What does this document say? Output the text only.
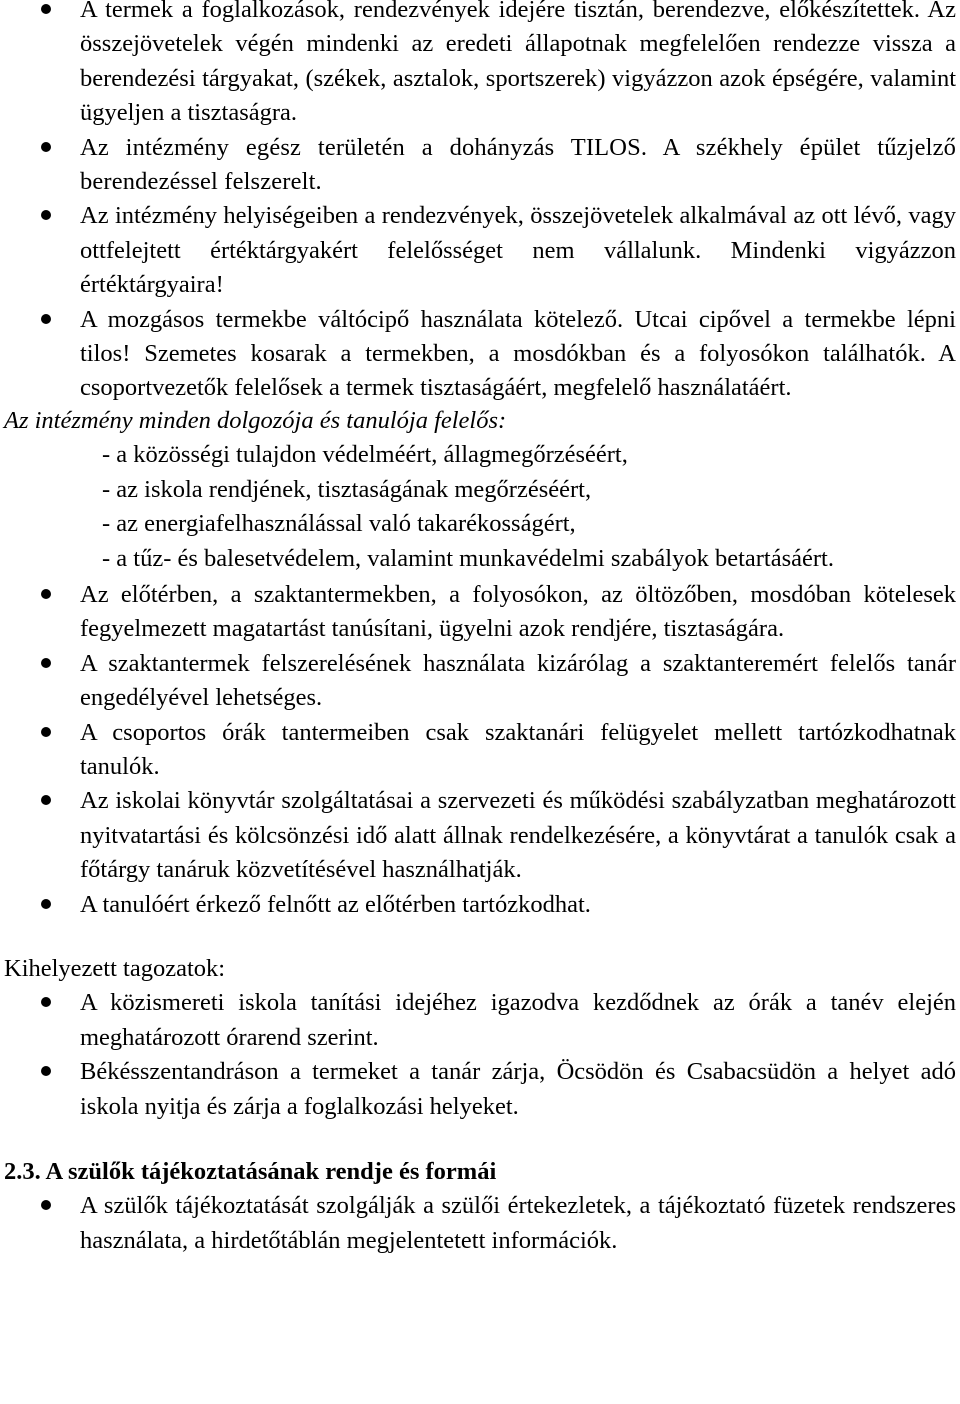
A termek a foglalkozások, rendezvények idejére tisztán, berendezve, előkészítettek. Az összejövetelek végén mindenki az eredeti állapotnak megfelelően rendezze vissza a berendezési tárgyakat, (székek, asztalok, sportszerek) vigyázzon azok épségére, valamint ügyeljen a tisztaságra.
Az intézmény egész területén a dohányzás TILOS. A székhely épület tűzjelző berendezéssel felszerelt.
Az intézmény helyiségeiben a rendezvények, összejövetelek alkalmával az ott lévő, vagy ottfelejtett értéktárgyakért felelősséget nem vállalunk. Mindenki vigyázzon értéktárgyaira!
A mozgásos termekbe váltócipő használata kötelező. Utcai cipővel a termekbe lépni tilos! Szemetes kosarak a termekben, a mosdókban és a folyosókon találhatók. A csoportvezetők felelősek a termek tisztaságáért, megfelelő használatáért.
Az intézmény minden dolgozója és tanulója felelős:
- a közösségi tulajdon védelméért, állagmegőrzéséért,
- az iskola rendjének, tisztaságának megőrzéséért,
- az energiafelhasználással való takarékosságért,
- a tűz- és balesetvédelem, valamint munkavédelmi szabályok betartásáért.
Az előtérben, a szaktantermekben, a folyosókon, az öltözőben, mosdóban kötelesek fegyelmezett magatartást tanúsítani, ügyelni azok rendjére, tisztaságára.
A szaktantermek felszerelésének használata kizárólag a szaktanteremért felelős tanár engedélyével lehetséges.
A csoportos órák tantermeiben csak szaktanári felügyelet mellett tartózkodhatnak tanulók.
Az iskolai könyvtár szolgáltatásai a szervezeti és működési szabályzatban meghatározott nyitvatartási és kölcsönzési idő alatt állnak rendelkezésére, a könyvtárat a tanulók csak a főtárgy tanáruk közvetítésével használhatják.
A tanulóért érkező felnőtt az előtérben tartózkodhat.
Kihelyezett tagozatok:
A közismereti iskola tanítási idejéhez igazodva kezdődnek az órák a tanév elején meghatározott órarend szerint.
Békésszentandráson a termeket a tanár zárja, Öcsödön és Csabacsüdön a helyet adó iskola nyitja és zárja a foglalkozási helyeket.
2.3. A szülők tájékoztatásának rendje és formái
A szülők tájékoztatását szolgálják a szülői értekezletek, a tájékoztató füzetek rendszeres használata, a hirdetőtáblán megjelentetett információk.
